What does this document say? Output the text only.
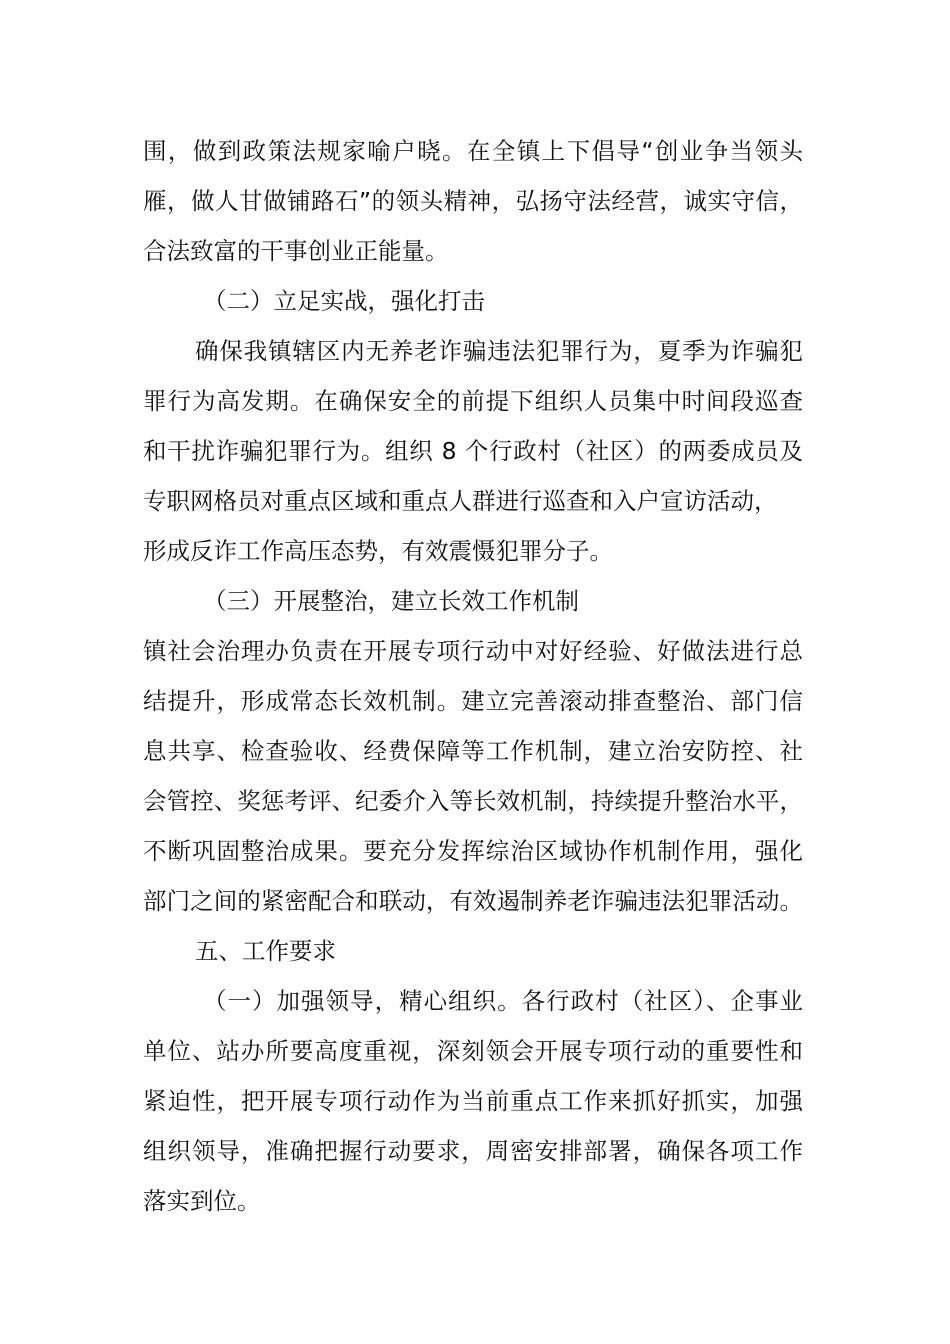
围，做到政策法规家喻户晓。在全镇上下倡导“创业争当领头
雁，做人甘做铺路石”的领头精神，弘扬守法经营，诚实守信，
合法致富的干事创业正能量。
（二）立足实战，强化打击
确保我镇辖区内无养老诈骗违法犯罪行为，夏季为诈骗犯
罪行为高发期。在确保安全的前提下组织人员集中时间段巡查
和干扰诈骗犯罪行为。组织 8 个行政村（社区）的两委成员及
专职网格员对重点区域和重点人群进行巡查和入户宣访活动，
形成反诈工作高压态势，有效震慑犯罪分子。
（三）开展整治，建立长效工作机制
镇社会治理办负责在开展专项行动中对好经验、好做法进行总
结提升，形成常态长效机制。建立完善滚动排查整治、部门信
息共享、检查验收、经费保障等工作机制，建立治安防控、社
会管控、奖惩考评、纪委介入等长效机制，持续提升整治水平，
不断巩固整治成果。要充分发挥综治区域协作机制作用，强化
部门之间的紧密配合和联动，有效遏制养老诈骗违法犯罪活动。
五、工作要求
（一）加强领导，精心组织。各行政村（社区）、企事业
单位、站办所要高度重视，深刻领会开展专项行动的重要性和
紧迫性，把开展专项行动作为当前重点工作来抓好抓实，加强
组织领导，准确把握行动要求，周密安排部署，确保各项工作
落实到位。
